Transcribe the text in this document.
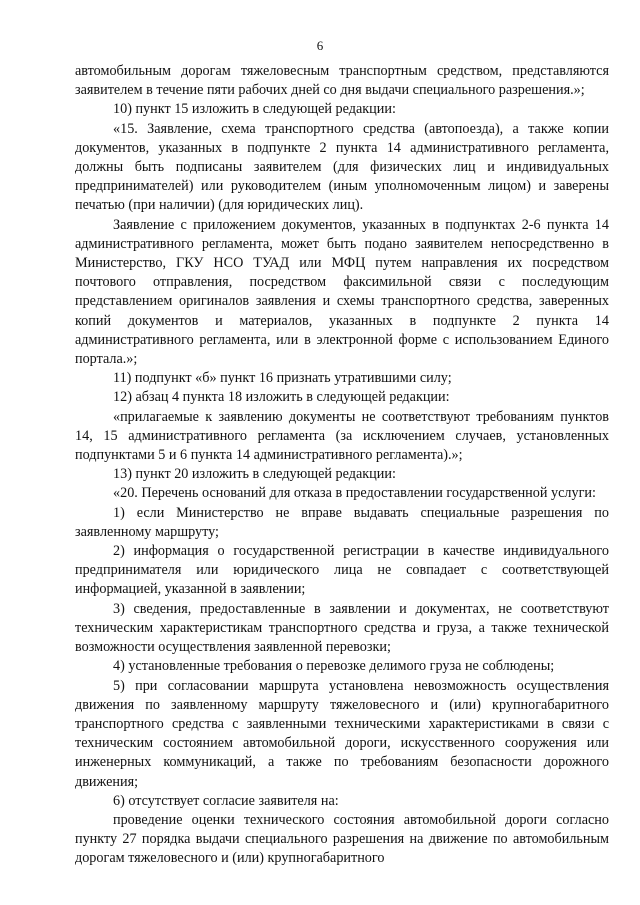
6

автомобильным дорогам тяжеловесным транспортным средством, представляются заявителем в течение пяти рабочих дней со дня выдачи специального разрешения.»;

10) пункт 15 изложить в следующей редакции:

«15. Заявление, схема транспортного средства (автопоезда), а также копии документов, указанных в подпункте 2 пункта 14 административного регламента, должны быть подписаны заявителем (для физических лиц и индивидуальных предпринимателей) или руководителем (иным уполномоченным лицом) и заверены печатью (при наличии) (для юридических лиц).

Заявление с приложением документов, указанных в подпунктах 2-6 пункта 14 административного регламента, может быть подано заявителем непосредственно в Министерство, ГКУ НСО ТУАД или МФЦ путем направления их посредством почтового отправления, посредством факсимильной связи с последующим представлением оригиналов заявления и схемы транспортного средства, заверенных копий документов и материалов, указанных в подпункте 2 пункта 14 административного регламента, или в электронной форме с использованием Единого портала.»;

11) подпункт «б» пункт 16 признать утратившими силу;

12) абзац 4 пункта 18 изложить в следующей редакции:

«прилагаемые к заявлению документы не соответствуют требованиям пунктов 14, 15 административного регламента (за исключением случаев, установленных подпунктами 5 и 6 пункта 14 административного регламента).»;

13) пункт 20 изложить в следующей редакции:

«20. Перечень оснований для отказа в предоставлении государственной услуги:

1) если Министерство не вправе выдавать специальные разрешения по заявленному маршруту;

2) информация о государственной регистрации в качестве индивидуального предпринимателя или юридического лица не совпадает с соответствующей информацией, указанной в заявлении;

3) сведения, предоставленные в заявлении и документах, не соответствуют техническим характеристикам транспортного средства и груза, а также технической возможности осуществления заявленной перевозки;

4) установленные требования о перевозке делимого груза не соблюдены;

5) при согласовании маршрута установлена невозможность осуществления движения по заявленному маршруту тяжеловесного и (или) крупногабаритного транспортного средства с заявленными техническими характеристиками в связи с техническим состоянием автомобильной дороги, искусственного сооружения или инженерных коммуникаций, а также по требованиям безопасности дорожного движения;

6) отсутствует согласие заявителя на:

проведение оценки технического состояния автомобильной дороги согласно пункту 27 порядка выдачи специального разрешения на движение по автомобильным дорогам тяжеловесного и (или) крупногабаритного
